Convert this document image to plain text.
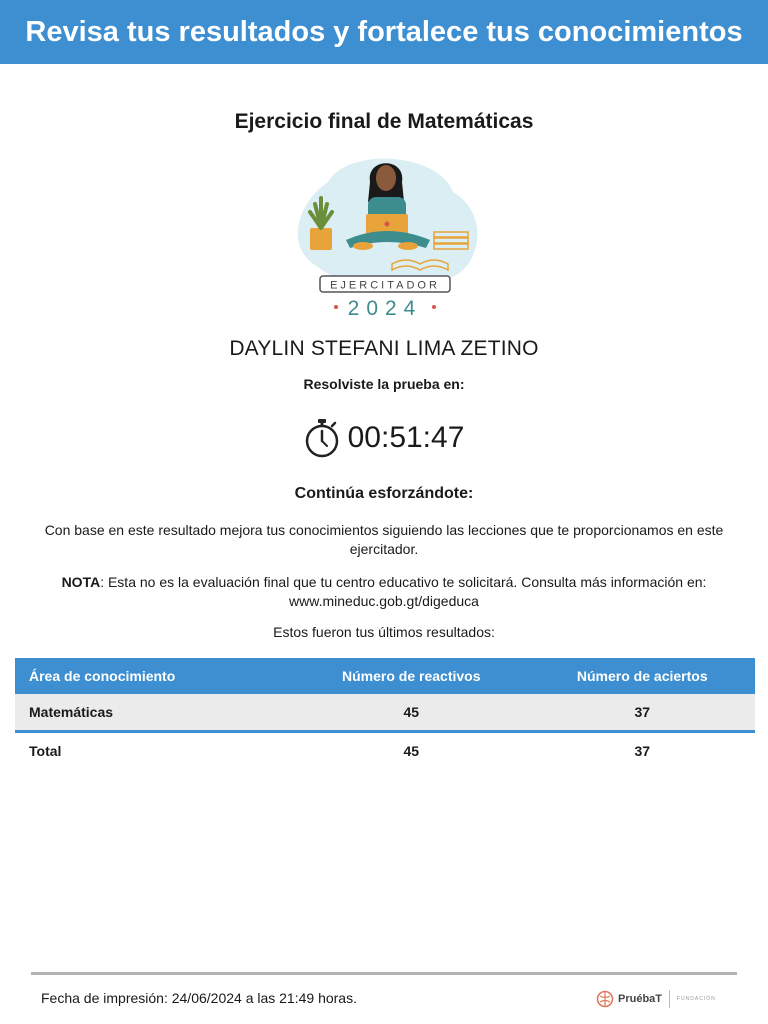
Revisa tus resultados y fortalece tus conocimientos
Ejercicio final de Matemáticas
EJERCITADOR
2024
DAYLIN STEFANI LIMA ZETINO
Resolviste la prueba en:
00:51:47
Continúa esforzándote:
Con base en este resultado mejora tus conocimientos siguiendo las lecciones que te proporcionamos en este ejercitador.
NOTA: Esta no es la evaluación final que tu centro educativo te solicitará. Consulta más información en: www.mineduc.gob.gt/digeduca
Estos fueron tus últimos resultados:
Área de conocimiento	Número de reactivos	Número de aciertos
Matemáticas	45	37
Total	45	37
Fecha de impresión: 24/06/2024 a las 21:49 horas.	PruébaT	FUNDACIÓN
